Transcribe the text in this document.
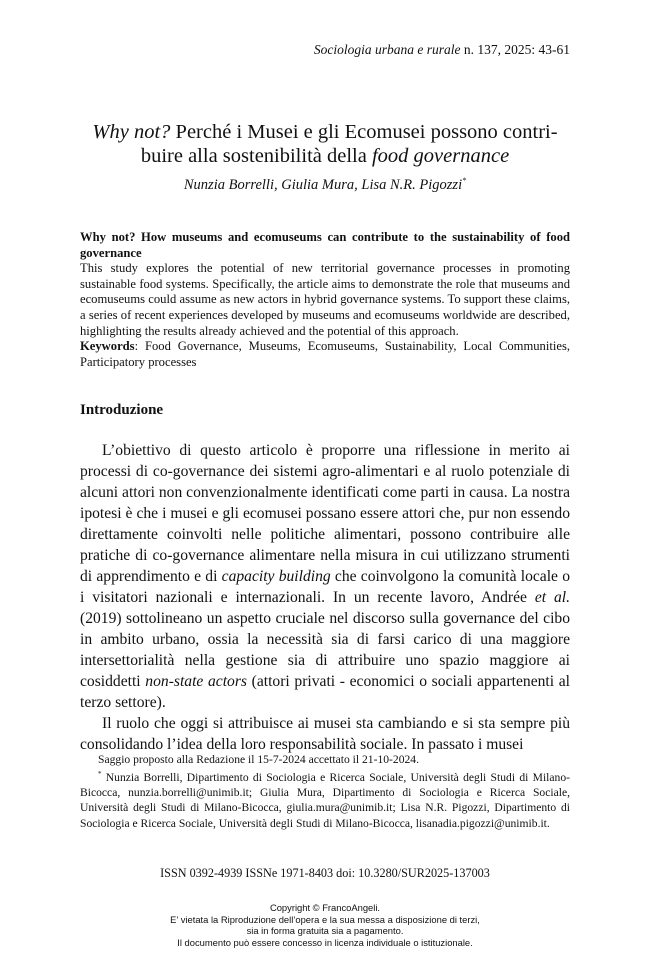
Sociologia urbana e rurale n. 137, 2025: 43-61
Why not? Perché i Musei e gli Ecomusei possono contri-
buire alla sostenibilità della food governance
Nunzia Borrelli, Giulia Mura, Lisa N.R. Pigozzi*
Why not? How museums and ecomuseums can contribute to the sustainability of food governance
This study explores the potential of new territorial governance processes in promoting sustainable food systems. Specifically, the article aims to demonstrate the role that museums and ecomuseums could assume as new actors in hybrid governance systems. To support these claims, a series of recent experiences developed by museums and ecomuseums worldwide are described, highlighting the results already achieved and the potential of this approach.
Keywords: Food Governance, Museums, Ecomuseums, Sustainability, Local Communities, Participatory processes
Introduzione

L’obiettivo di questo articolo è proporre una riflessione in merito ai processi di co-governance dei sistemi agro-alimentari e al ruolo potenziale di alcuni attori non convenzionalmente identificati come parti in causa. La nostra ipotesi è che i musei e gli ecomusei possano essere attori che, pur non essendo direttamente coinvolti nelle politiche alimentari, possono contribuire alle pratiche di co-governance alimentare nella misura in cui utilizzano strumenti di apprendimento e di capacity building che coinvolgono la comunità locale o i visitatori nazionali e internazionali. In un recente lavoro, Andrée et al. (2019) sottolineano un aspetto cruciale nel discorso sulla governance del cibo in ambito urbano, ossia la necessità sia di farsi carico di una maggiore intersettorialità nella gestione sia di attribuire uno spazio maggiore ai cosiddetti non-state actors (attori privati - economici o sociali appartenenti al terzo settore).

Il ruolo che oggi si attribuisce ai musei sta cambiando e si sta sempre più consolidando l’idea della loro responsabilità sociale. In passato i musei

Saggio proposto alla Redazione il 15-7-2024 accettato il 21-10-2024.

* Nunzia Borrelli, Dipartimento di Sociologia e Ricerca Sociale, Università degli Studi di Milano-Bicocca, nunzia.borrelli@unimib.it; Giulia Mura, Dipartimento di Sociologia e Ricerca Sociale, Università degli Studi di Milano-Bicocca, giulia.mura@unimib.it; Lisa N.R. Pigozzi, Dipartimento di Sociologia e Ricerca Sociale, Università degli Studi di Milano-Bicocca, lisanadia.pigozzi@unimib.it.

ISSN 0392-4939 ISSNe 1971-8403 doi: 10.3280/SUR2025-137003
Copyright © FrancoAngeli.
E’ vietata la Riproduzione dell’opera e la sua messa a disposizione di terzi,
sia in forma gratuita sia a pagamento.
Il documento può essere concesso in licenza individuale o istituzionale.
